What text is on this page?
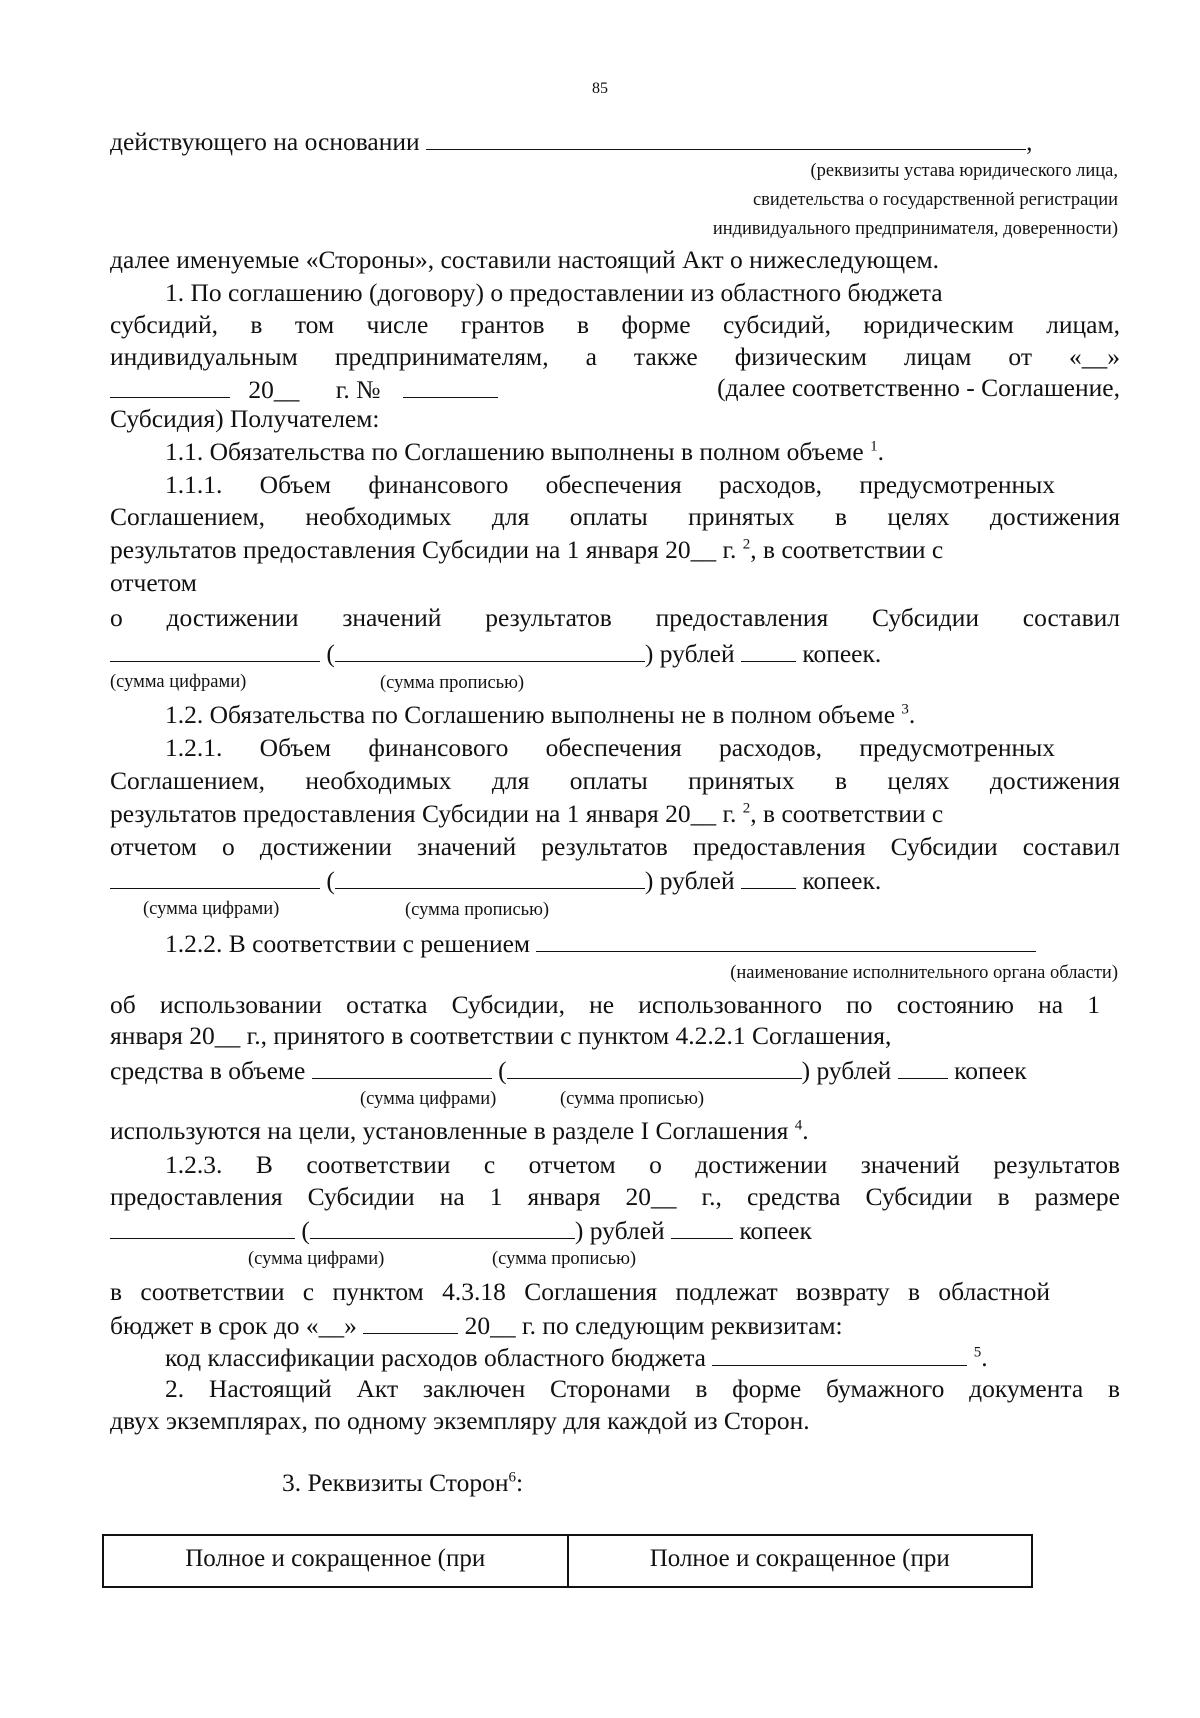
85
действующего на основании	,
(реквизиты устава юридического лица,
свидетельства о государственной регистрации
индивидуального предпринимателя, доверенности)
далее именуемые «Стороны», составили настоящий Акт о нижеследующем.
1. По соглашению (договору) о предоставлении из областного бюджета
субсидий, в том числе грантов в форме субсидий, юридическим лицам,
индивидуальным предпринимателям, а также физическим лицам от «__»
20__ г. №	(далее соответственно - Соглашение,
Субсидия) Получателем:
1.1. Обязательства по Соглашению выполнены в полном объеме $^1$.
1.1.1. Объем финансового обеспечения расходов, предусмотренных
Соглашением, необходимых для оплаты принятых в целях достижения
результатов предоставления Субсидии на 1 января 20__ г. $^2$, в соответствии с
отчетом
о достижении значений результатов предоставления Субсидии составил
(	) рублей	копеек.
(сумма цифрами)	(сумма прописью)
1.2. Обязательства по Соглашению выполнены не в полном объеме $^3$.
1.2.1. Объем финансового обеспечения расходов, предусмотренных
Соглашением, необходимых для оплаты принятых в целях достижения
результатов предоставления Субсидии на 1 января 20__ г. $^2$, в соответствии с
отчетом о достижении значений результатов предоставления Субсидии составил
(	) рублей	копеек.
(сумма цифрами)	(сумма прописью)
1.2.2. В соответствии с решением
(наименование исполнительного органа области)
об использовании остатка Субсидии, не использованного по состоянию на 1
января 20__ г., принятого в соответствии с пунктом 4.2.2.1 Соглашения,
средства в объеме	(	) рублей копеек
(сумма цифрами)	(сумма прописью)
используются на цели, установленные в разделе I Соглашения $^4$.
1.2.3. В соответствии с отчетом о достижении значений результатов
предоставления Субсидии на 1 января 20__ г., средства Субсидии в размере
(	) рублей	копеек
(сумма цифрами)	(сумма прописью)
в соответствии с пунктом 4.3.18 Соглашения подлежат возврату в областной
бюджет в срок до «__»	20__ г. по следующим реквизитам:
код классификации расходов областного бюджета	$^5$.
2. Настоящий Акт заключен Сторонами в форме бумажного документа в
двух экземплярах, по одному экземпляру для каждой из Сторон.
3. Реквизиты Сторон$^6$:
Полное и сокращенное (при	Полное и сокращенное (при
